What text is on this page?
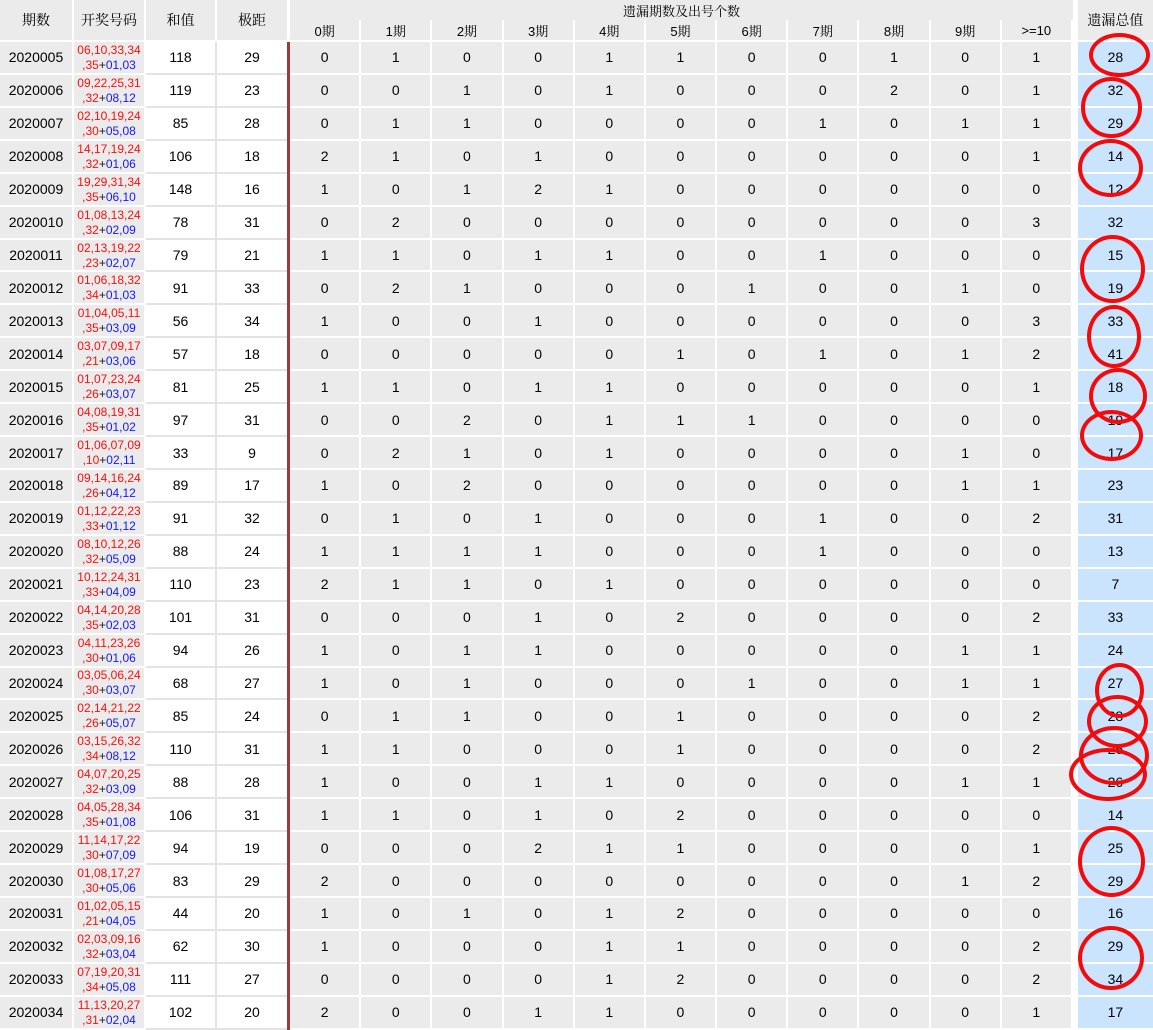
期数	开奖号码	和值	极距
遗漏期数及出号个数
遗漏总值
0期	1期	2期	3期	4期	5期	6期	7期	8期	9期	>=10
2020005	06,10,33,34
,35+01,03	118	29	0	1	0	0	1	1	0	0	1	0	1	28
2020006	09,22,25,31
,32+08,12	119	23	0	0	1	0	1	0	0	0	2	0	1	32
2020007	02,10,19,24
,30+05,08	85	28	0	1	1	0	0	0	0	1	0	1	1	29
2020008	14,17,19,24
,32+01,06	106	18	2	1	0	1	0	0	0	0	0	0	1	14
2020009	19,29,31,34
,35+06,10	148	16	1	0	1	2	1	0	0	0	0	0	0	12
2020010	01,08,13,24
,32+02,09	78	31	0	2	0	0	0	0	0	0	0	0	3	32
2020011	02,13,19,22
,23+02,07	79	21	1	1	0	1	1	0	0	1	0	0	0	15
2020012	01,06,18,32
,34+01,03	91	33	0	2	1	0	0	0	1	0	0	1	0	19
2020013	01,04,05,11
,35+03,09	56	34	1	0	0	1	0	0	0	0	0	0	3	33
2020014	03,07,09,17
,21+03,06	57	18	0	0	0	0	0	1	0	1	0	1	2	41
2020015	01,07,23,24
,26+03,07	81	25	1	1	0	1	1	0	0	0	0	0	1	18
2020016	04,08,19,31
,35+01,02	97	31	0	0	2	0	1	1	1	0	0	0	0	19
2020017	01,06,07,09
,10+02,11	33	9	0	2	1	0	1	0	0	0	0	1	0	17
2020018	09,14,16,24
,26+04,12	89	17	1	0	2	0	0	0	0	0	0	1	1	23
2020019	01,12,22,23
,33+01,12	91	32	0	1	0	1	0	0	0	1	0	0	2	31
2020020	08,10,12,26
,32+05,09	88	24	1	1	1	1	0	0	0	1	0	0	0	13
2020021	10,12,24,31
,33+04,09	110	23	2	1	1	0	1	0	0	0	0	0	0	7
2020022	04,14,20,28
,35+02,03	101	31	0	0	0	1	0	2	0	0	0	0	2	33
2020023	04,11,23,26
,30+01,06	94	26	1	0	1	1	0	0	0	0	0	1	1	24
2020024	03,05,06,24
,30+03,07	68	27	1	0	1	0	0	0	1	0	0	1	1	27
2020025	02,14,21,22
,26+05,07	85	24	0	1	1	0	0	1	0	0	0	0	2	28
2020026	03,15,26,32
,34+08,12	110	31	1	1	0	0	0	1	0	0	0	0	2	26
2020027	04,07,20,25
,32+03,09	88	28	1	0	0	1	1	0	0	0	0	1	1	26
2020028	04,05,28,34
,35+01,08	106	31	1	1	0	1	0	2	0	0	0	0	0	14
2020029	11,14,17,22
,30+07,09	94	19	0	0	0	2	1	1	0	0	0	0	1	25
2020030	01,08,17,27
,30+05,06	83	29	2	0	0	0	0	0	0	0	0	1	2	29
2020031	01,02,05,15
,21+04,05	44	20	1	0	1	0	1	2	0	0	0	0	0	16
2020032	02,03,09,16
,32+03,04	62	30	1	0	0	0	1	1	0	0	0	0	2	29
2020033	07,19,20,31
,34+05,08	111	27	0	0	0	0	1	2	0	0	0	0	2	34
2020034	11,13,20,27
,31+02,04	102	20	2	0	0	1	1	0	0	0	0	0	1	17
